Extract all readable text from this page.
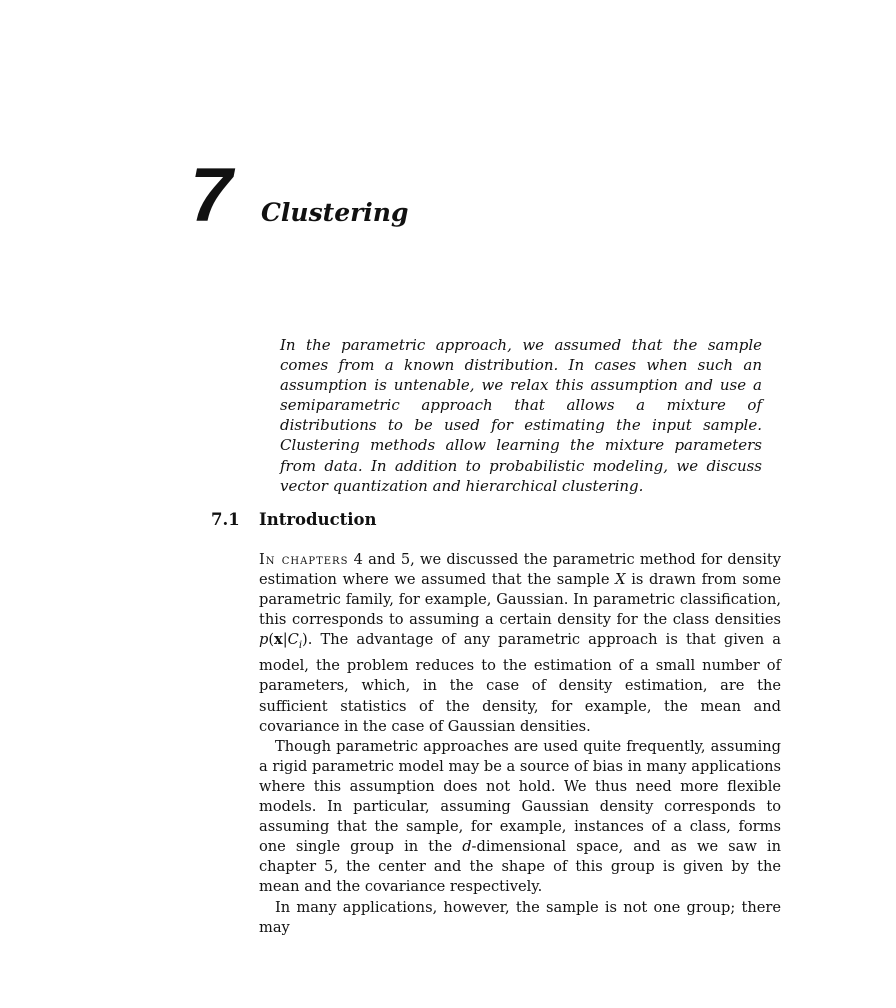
7 Clustering
In the parametric approach, we assumed that the sample comes from a known distribution. In cases when such an assumption is untenable, we relax this assumption and use a semiparametric approach that allows a mixture of distributions to be used for estimating the input sample. Clustering methods allow learning the mixture parameters from data. In addition to probabilistic modeling, we discuss vector quantization and hierarchical clustering.
7.1 Introduction

In chapters 4 and 5, we discussed the parametric method for density estimation where we assumed that the sample X is drawn from some parametric family, for example, Gaussian. In parametric classification, this corresponds to assuming a certain density for the class densities $p(x|C_i)$. The advantage of any parametric approach is that given a model, the problem reduces to the estimation of a small number of parameters, which, in the case of density estimation, are the sufficient statistics of the density, for example, the mean and covariance in the case of Gaussian densities.

Though parametric approaches are used quite frequently, assuming a rigid parametric model may be a source of bias in many applications where this assumption does not hold. We thus need more flexible models. In particular, assuming Gaussian density corresponds to assuming that the sample, for example, instances of a class, forms one single group in the d-dimensional space, and as we saw in chapter 5, the center and the shape of this group is given by the mean and the covariance respectively.

In many applications, however, the sample is not one group; there may
